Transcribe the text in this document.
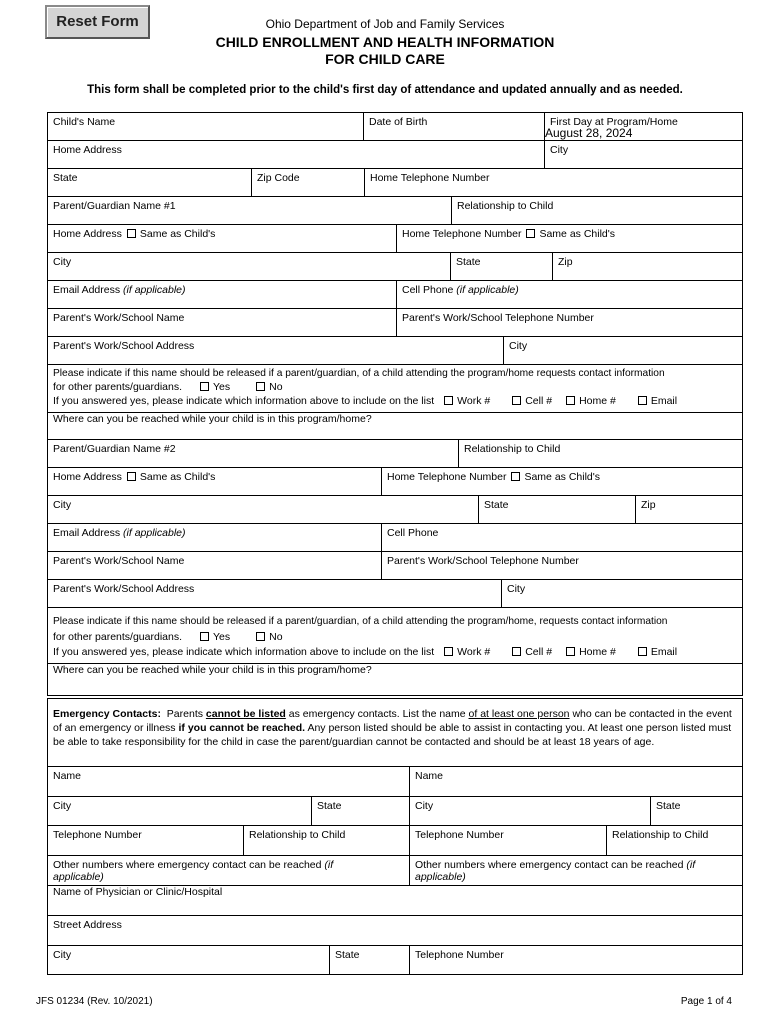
Reset Form	Ohio Department of Job and Family Services
CHILD ENROLLMENT AND HEALTH INFORMATION
FOR CHILD CARE
This form shall be completed prior to the child's first day of attendance and updated annually and as needed.
Child's Name	Date of Birth	First Day at Program/Home
August 28, 2024
Home Address	City
State	Zip Code	Home Telephone Number
Parent/Guardian Name #1	Relationship to Child
Home Address Same as Child's	Home Telephone Number Same as Child's
City	State	Zip
Email Address (if applicable)	Cell Phone (if applicable)
Parent's Work/School Name	Parent's Work/School Telephone Number
Parent's Work/School Address	City
Please indicate if this name should be released if a parent/guardian, of a child attending the program/home requests contact information
for other parents/guardians.	Yes	No
If you answered yes, please indicate which information above to include on the list Work #	Cell #	Home #	Email
Where can you be reached while your child is in this program/home?
Parent/Guardian Name #2	Relationship to Child
Home Address Same as Child's	Home Telephone Number Same as Child's
City	State	Zip
Email Address (if applicable)	Cell Phone
Parent's Work/School Name	Parent's Work/School Telephone Number
Parent's Work/School Address	City
Please indicate if this name should be released if a parent/guardian, of a child attending the program/home, requests contact information
for other parents/guardians.	Yes	No
If you answered yes, please indicate which information above to include on the list Work #	Cell #	Home #	Email
Where can you be reached while your child is in this program/home?
Emergency Contacts: Parents cannot be listed as emergency contacts. List the name of at least one person who can be contacted in the event of an emergency or illness if you cannot be reached. Any person listed should be able to assist in contacting you. At least one person listed must be able to take responsibility for the child in case the parent/guardian cannot be contacted and should be at least 18 years of age.
Name	Name
City	State	City	State
Telephone Number	Relationship to Child	Telephone Number	Relationship to Child
Other numbers where emergency contact can be reached (if
applicable)
Other numbers where emergency contact can be reached (if
applicable)
Name of Physician or Clinic/Hospital
Street Address
City	State	Telephone Number
JFS 01234 (Rev. 10/2021)	Page 1 of 4
